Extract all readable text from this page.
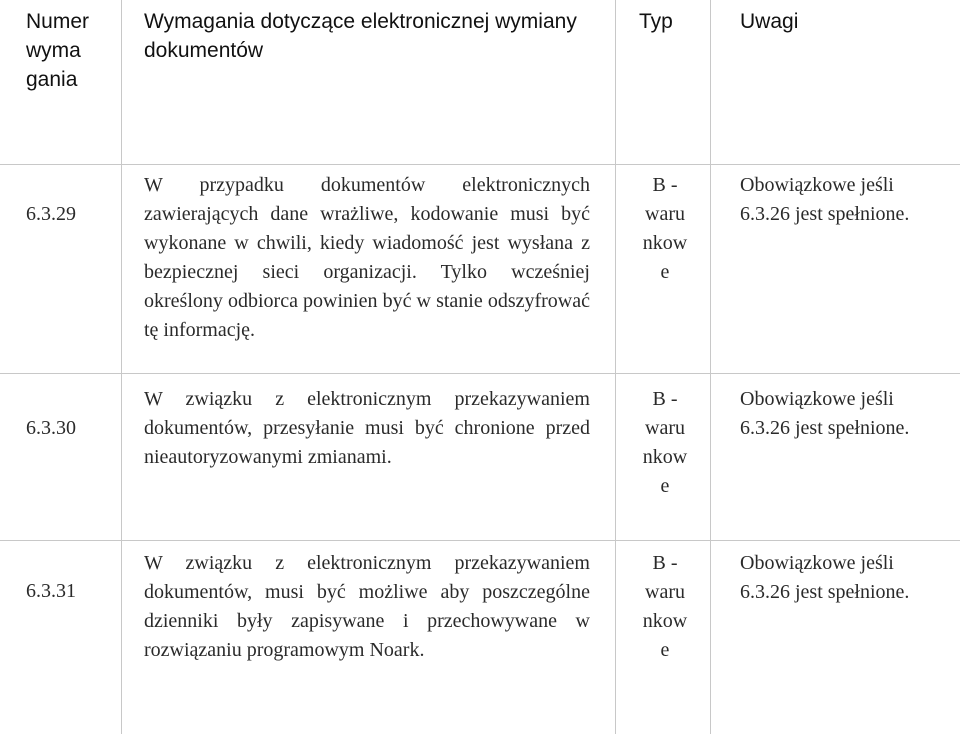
Numer
wyma
gania
Wymagania dotyczące elektronicznej wymiany dokumentów
Typ	Uwagi
6.3.29
W przypadku dokumentów elektronicznych zawierających dane wrażliwe, kodowanie musi być wykonane w chwili, kiedy wiadomość jest wysłana z bezpiecznej sieci organizacji. Tylko wcześniej określony odbiorca powinien być w stanie odszyfrować tę informację.
B -
waru
nkow
e
Obowiązkowe jeśli 6.3.26 jest spełnione.
6.3.30
W związku z elektronicznym przekazywaniem dokumentów, przesyłanie musi być chronione przed nieautoryzowanymi zmianami.
B -
waru
nkow
e
Obowiązkowe jeśli 6.3.26 jest spełnione.
6.3.31
W związku z elektronicznym przekazywaniem dokumentów, musi być możliwe aby poszczególne dzienniki były zapisywane i przechowywane w rozwiązaniu programowym Noark.
B -
waru
nkow
e
Obowiązkowe jeśli 6.3.26 jest spełnione.
